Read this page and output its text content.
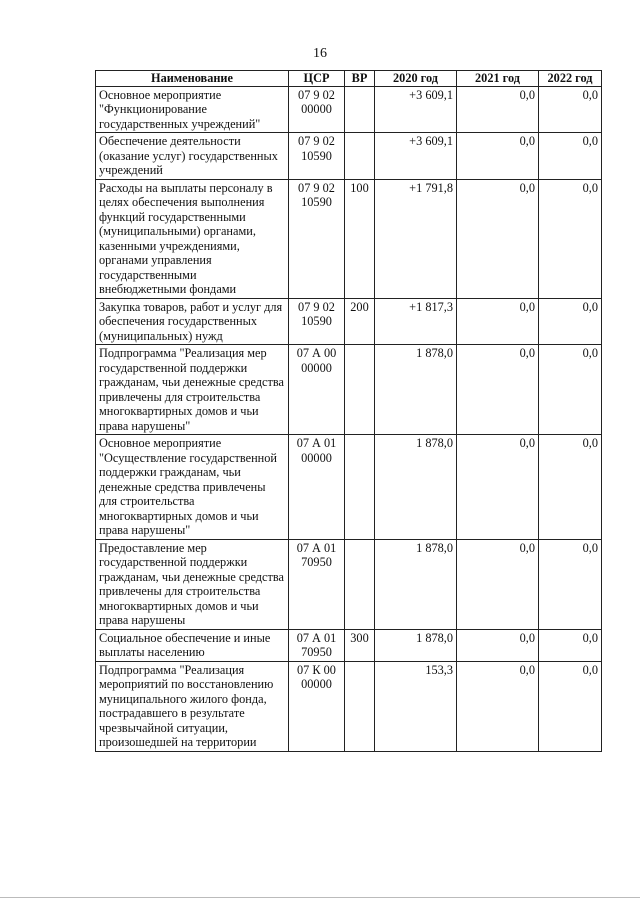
16
Наименование	ЦСР	ВР	2020 год	2021 год	2022 год
Основное мероприятие "Функционирование государственных учреждений"	07 9 02 00000		+3 609,1	0,0	0,0
Обеспечение деятельности (оказание услуг) государственных учреждений	07 9 02 10590		+3 609,1	0,0	0,0
Расходы на выплаты персоналу в целях обеспечения выполнения функций государственными (муниципальными) органами, казенными учреждениями, органами управления государственными внебюджетными фондами	07 9 02 10590	100	+1 791,8	0,0	0,0
Закупка товаров, работ и услуг для обеспечения государственных (муниципальных) нужд	07 9 02 10590	200	+1 817,3	0,0	0,0
Подпрограмма "Реализация мер государственной поддержки гражданам, чьи денежные средства привлечены для строительства многоквартирных домов и чьи права нарушены"	07 А 00 00000		1 878,0	0,0	0,0
Основное мероприятие "Осуществление государственной поддержки гражданам, чьи денежные средства привлечены для строительства многоквартирных домов и чьи права нарушены"	07 А 01 00000		1 878,0	0,0	0,0
Предоставление мер государственной поддержки гражданам, чьи денежные средства привлечены для строительства многоквартирных домов и чьи права нарушены	07 А 01 70950		1 878,0	0,0	0,0
Социальное обеспечение и иные выплаты населению	07 А 01 70950	300	1 878,0	0,0	0,0
Подпрограмма "Реализация мероприятий по восстановлению муниципального жилого фонда, пострадавшего в результате чрезвычайной ситуации, произошедшей на территории	07 К 00 00000		153,3	0,0	0,0
